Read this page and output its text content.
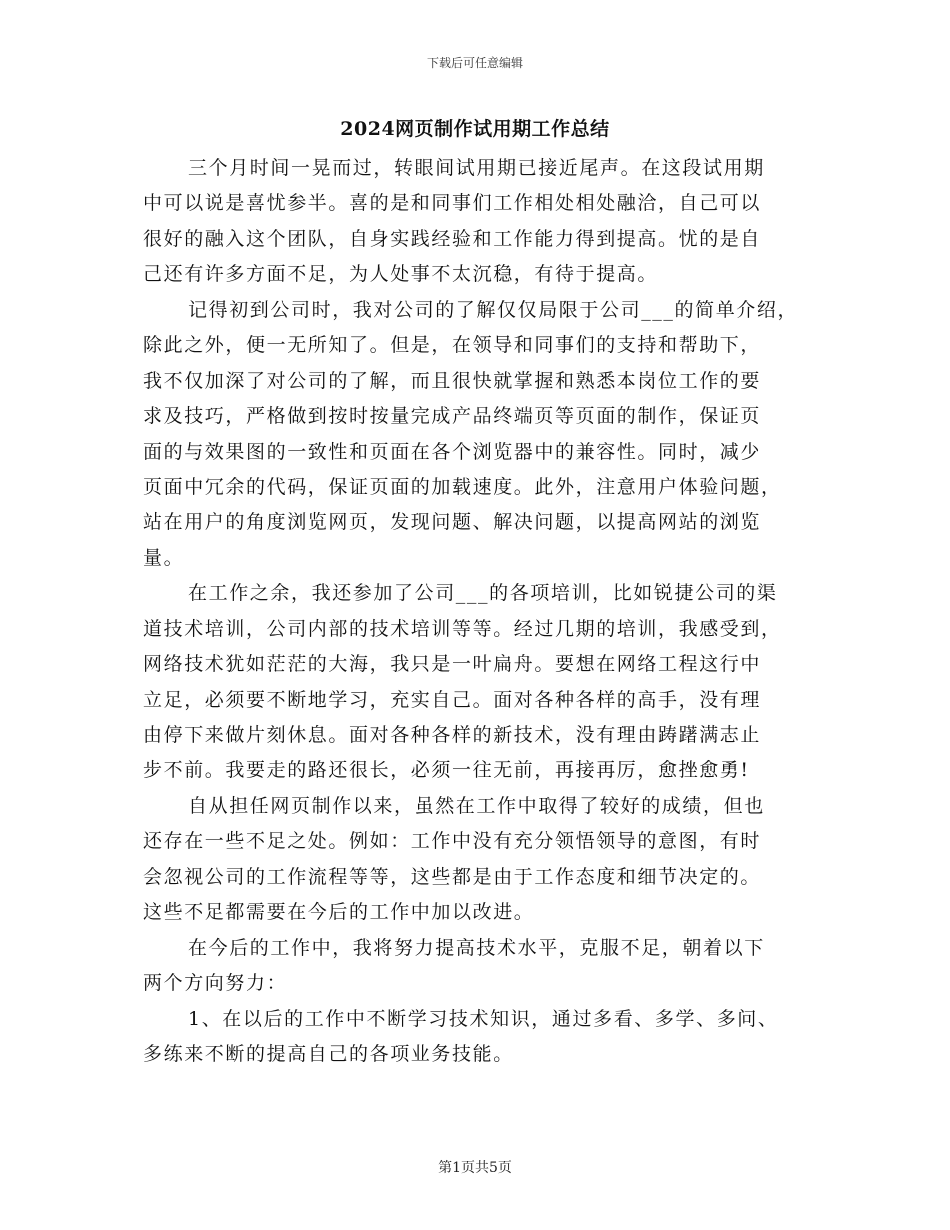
下载后可任意编辑
2024网页制作试用期工作总结
三个月时间一晃而过，转眼间试用期已接近尾声。在这段试用期
中可以说是喜忧参半。喜的是和同事们工作相处相处融洽，自己可以
很好的融入这个团队，自身实践经验和工作能力得到提高。忧的是自
己还有许多方面不足，为人处事不太沉稳，有待于提高。
记得初到公司时，我对公司的了解仅仅局限于公司___的简单介绍，
除此之外，便一无所知了。但是，在领导和同事们的支持和帮助下，
我不仅加深了对公司的了解，而且很快就掌握和熟悉本岗位工作的要
求及技巧，严格做到按时按量完成产品终端页等页面的制作，保证页
面的与效果图的一致性和页面在各个浏览器中的兼容性。同时，减少
页面中冗余的代码，保证页面的加载速度。此外，注意用户体验问题，
站在用户的角度浏览网页，发现问题、解决问题，以提高网站的浏览
量。
在工作之余，我还参加了公司___的各项培训，比如锐捷公司的渠
道技术培训，公司内部的技术培训等等。经过几期的培训，我感受到，
网络技术犹如茫茫的大海，我只是一叶扁舟。要想在网络工程这行中
立足，必须要不断地学习，充实自己。面对各种各样的高手，没有理
由停下来做片刻休息。面对各种各样的新技术，没有理由踌躇满志止
步不前。我要走的路还很长，必须一往无前，再接再厉，愈挫愈勇!
自从担任网页制作以来，虽然在工作中取得了较好的成绩，但也
还存在一些不足之处。例如：工作中没有充分领悟领导的意图，有时
会忽视公司的工作流程等等，这些都是由于工作态度和细节决定的。
这些不足都需要在今后的工作中加以改进。
在今后的工作中，我将努力提高技术水平，克服不足，朝着以下
两个方向努力：
1、在以后的工作中不断学习技术知识，通过多看、多学、多问、
多练来不断的提高自己的各项业务技能。
第1页共5页
